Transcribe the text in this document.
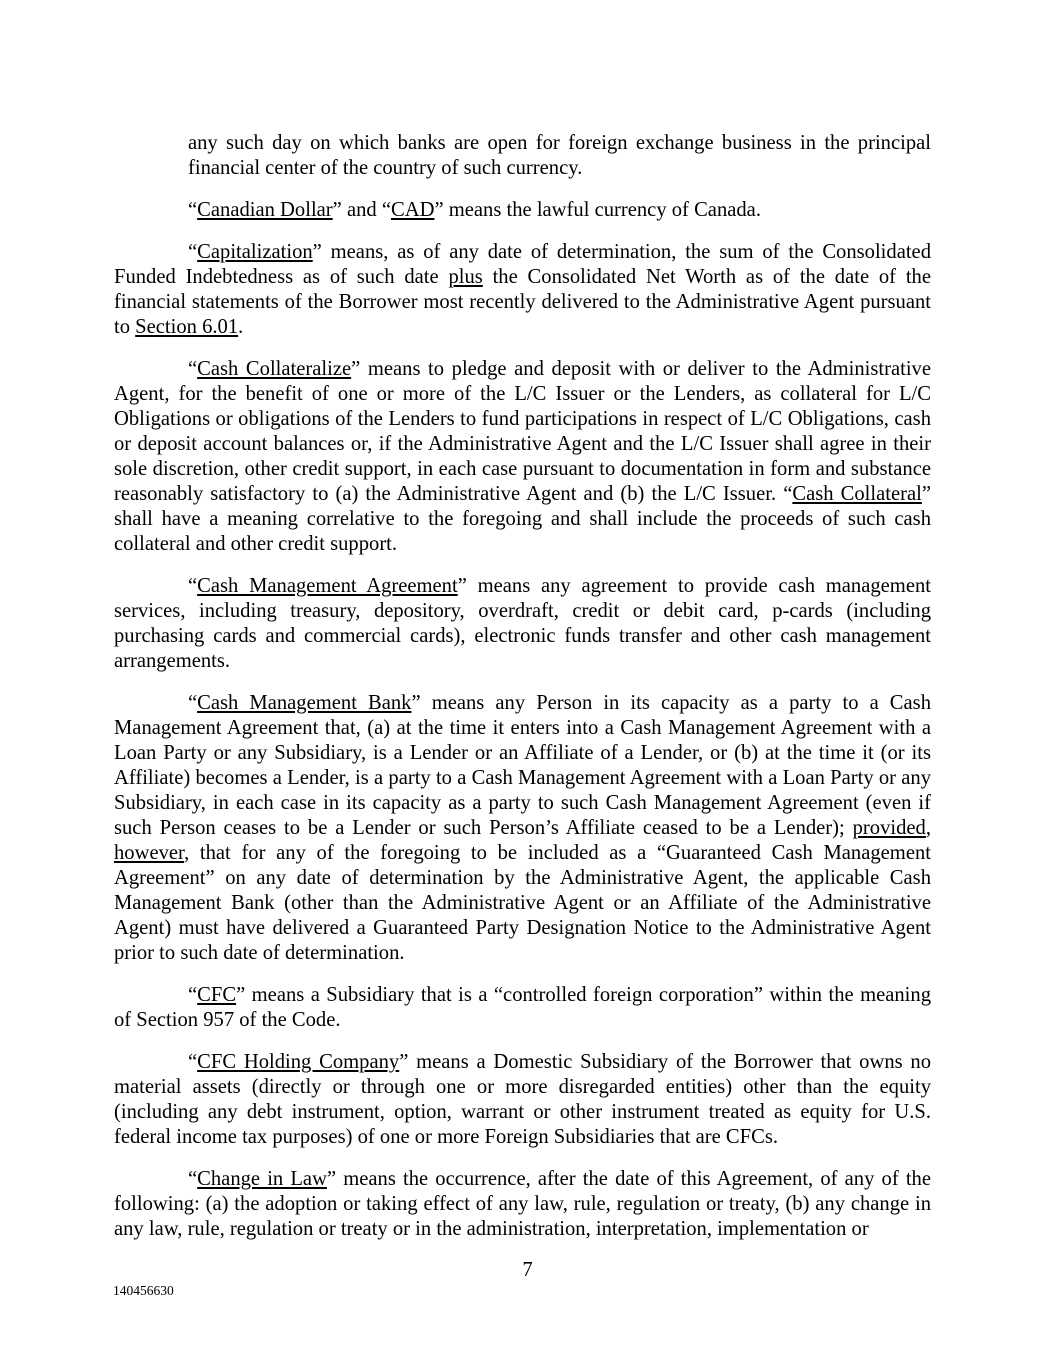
any such day on which banks are open for foreign exchange business in the principal financial center of the country of such currency.

“Canadian Dollar” and “CAD” means the lawful currency of Canada.

“Capitalization” means, as of any date of determination, the sum of the Consolidated Funded Indebtedness as of such date plus the Consolidated Net Worth as of the date of the financial statements of the Borrower most recently delivered to the Administrative Agent pursuant to Section 6.01.

“Cash Collateralize” means to pledge and deposit with or deliver to the Administrative Agent, for the benefit of one or more of the L/C Issuer or the Lenders, as collateral for L/C Obligations or obligations of the Lenders to fund participations in respect of L/C Obligations, cash or deposit account balances or, if the Administrative Agent and the L/C Issuer shall agree in their sole discretion, other credit support, in each case pursuant to documentation in form and substance reasonably satisfactory to (a) the Administrative Agent and (b) the L/C Issuer. “Cash Collateral” shall have a meaning correlative to the foregoing and shall include the proceeds of such cash collateral and other credit support.

“Cash Management Agreement” means any agreement to provide cash management services, including treasury, depository, overdraft, credit or debit card, p-cards (including purchasing cards and commercial cards), electronic funds transfer and other cash management arrangements.

“Cash Management Bank” means any Person in its capacity as a party to a Cash Management Agreement that, (a) at the time it enters into a Cash Management Agreement with a Loan Party or any Subsidiary, is a Lender or an Affiliate of a Lender, or (b) at the time it (or its Affiliate) becomes a Lender, is a party to a Cash Management Agreement with a Loan Party or any Subsidiary, in each case in its capacity as a party to such Cash Management Agreement (even if such Person ceases to be a Lender or such Person’s Affiliate ceased to be a Lender); provided, however, that for any of the foregoing to be included as a “Guaranteed Cash Management Agreement” on any date of determination by the Administrative Agent, the applicable Cash Management Bank (other than the Administrative Agent or an Affiliate of the Administrative Agent) must have delivered a Guaranteed Party Designation Notice to the Administrative Agent prior to such date of determination.

“CFC” means a Subsidiary that is a “controlled foreign corporation” within the meaning of Section 957 of the Code.

“CFC Holding Company” means a Domestic Subsidiary of the Borrower that owns no material assets (directly or through one or more disregarded entities) other than the equity (including any debt instrument, option, warrant or other instrument treated as equity for U.S. federal income tax purposes) of one or more Foreign Subsidiaries that are CFCs.

“Change in Law” means the occurrence, after the date of this Agreement, of any of the following: (a) the adoption or taking effect of any law, rule, regulation or treaty, (b) any change in any law, rule, regulation or treaty or in the administration, interpretation, implementation or

7
140456630
